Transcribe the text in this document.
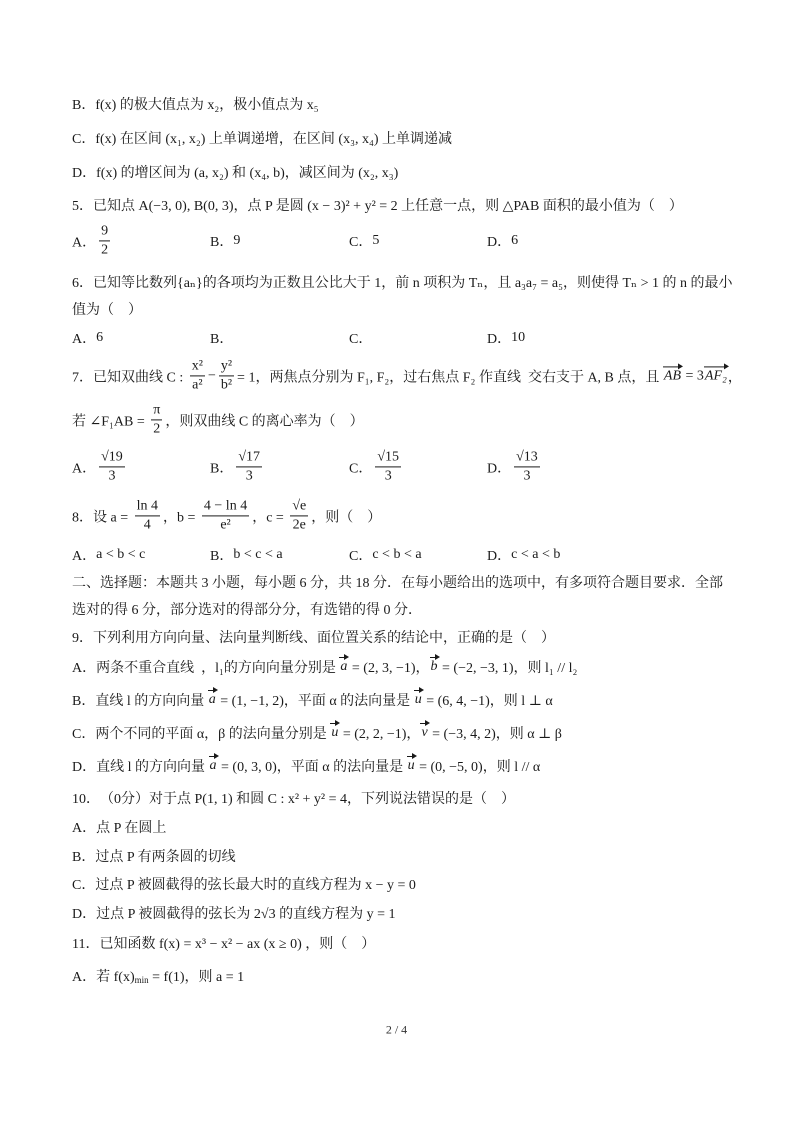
B． f(x) 的极大值点为 x₂，极小值点为 x₅
C． f(x) 在区间 (x₁, x₂) 上单调递增，在区间 (x₃, x₄) 上单调递减
D． f(x) 的增区间为 (a, x₂) 和 (x₄, b)，减区间为 (x₂, x₃)
5． 已知点 A(−3, 0), B(0, 3)，点 P 是圆 (x − 3)² + y² = 2 上任意一点，则 △PAB 面积的最小值为（　）
A． $\frac{9}{2}$	B． 9	C． 5	D． 6
6． 已知等比数列{aₙ}的各项均为正数且公比大于 1，前 n 项积为 Tₙ，且 a₃a₇ = a₅，则使得 Tₙ > 1 的 n 的最小
值为（　）
A． 6	B．	C．	D． 10
7． 已知双曲线 C : $\frac{\text{x²}}{\text{a²}} - \frac{\text{y²}}{\text{b²}} = 1$，两焦点分别为 F₁, F₂，过右焦点 F₂ 作直线  交右支于 A, B 点，且 AB = 3 AF₂ ，
若 ∠F₁AB = $\frac{\pi}{2}$ ，则双曲线 C 的离心率为（　）
A． $\frac{√19}{3}$	B． $\frac{√17}{3}$	C． $\frac{√15}{3}$	D． $\frac{√13}{3}$
8． 设 $a = \frac{\ln 4}{4}$ ，$b = \frac{4 - \ln 4}{\text{e²}}$ ，$c = \frac{√e}{2e}$ ，则（　）
A． a < b < c	B． b < c < a	C． c < b < a	D． c < a < b
二、选择题：本题共 3 小题，每小题 6 分，共 18 分．在每小题给出的选项中，有多项符合题目要求．全部
选对的得 6 分，部分选对的得部分分，有选错的得 0 分．
9． 下列利用方向向量、法向量判断线、面位置关系的结论中，正确的是（　）
A． 两条不重合直线  ，l₁的方向向量分别是 a = (2, 3, −1)， b = (−2, −3, 1)，则 l₁ // l₂
B． 直线 l 的方向向量 a = (1, −1, 2)，平面 α 的法向量是 u = (6, 4, −1)，则 l ⊥ α
C． 两个不同的平面 α，β 的法向量分别是 u = (2, 2, −1)， v = (−3, 4, 2)，则 α ⊥ β
D． 直线 l 的方向向量 a = (0, 3, 0)，平面 α 的法向量是 u = (0, −5, 0)，则 l // α
10． （0分）对于点 P(1, 1) 和圆 C : x² + y² = 4，下列说法错误的是（　）
A． 点 P 在圆上
B． 过点 P 有两条圆的切线
C． 过点 P 被圆截得的弦长最大时的直线方程为 x − y = 0
D． 过点 P 被圆截得的弦长为 2√3 的直线方程为 y = 1
11． 已知函数 f(x) = x³ − x² − ax (x ≥ 0) ，则（　）
A． 若 f(x) min = f(1)，则 a = 1
2 / 4
